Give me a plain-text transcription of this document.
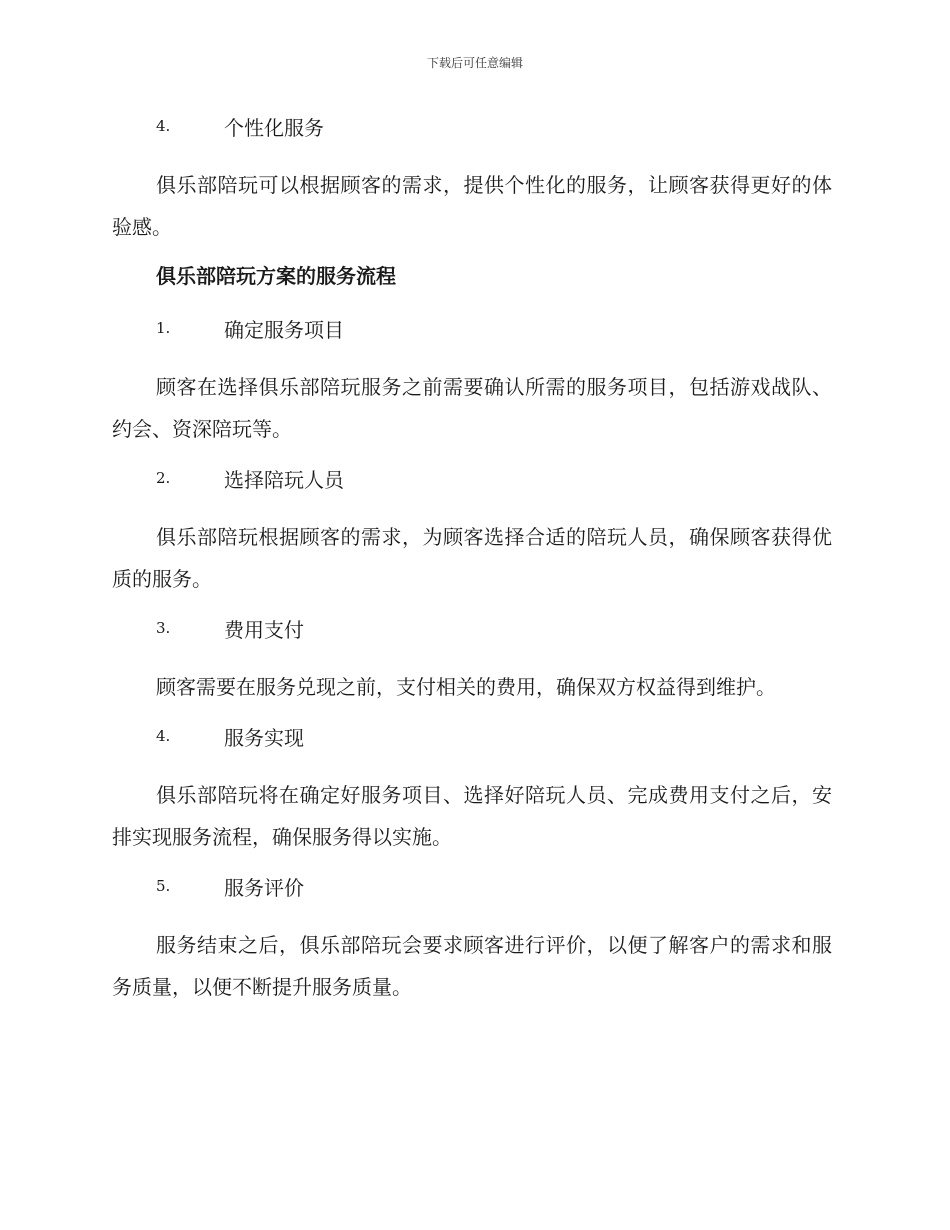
下载后可任意编辑
4.	个性化服务

俱乐部陪玩可以根据顾客的需求，提供个性化的服务，让顾客获得更好的体验感。

俱乐部陪玩方案的服务流程
1.	确定服务项目

顾客在选择俱乐部陪玩服务之前需要确认所需的服务项目，包括游戏战队、约会、资深陪玩等。

2.	选择陪玩人员

俱乐部陪玩根据顾客的需求，为顾客选择合适的陪玩人员，确保顾客获得优质的服务。

3.	费用支付

顾客需要在服务兑现之前，支付相关的费用，确保双方权益得到维护。

4.	服务实现

俱乐部陪玩将在确定好服务项目、选择好陪玩人员、完成费用支付之后，安排实现服务流程，确保服务得以实施。

5.	服务评价

服务结束之后，俱乐部陪玩会要求顾客进行评价，以便了解客户的需求和服务质量，以便不断提升服务质量。
